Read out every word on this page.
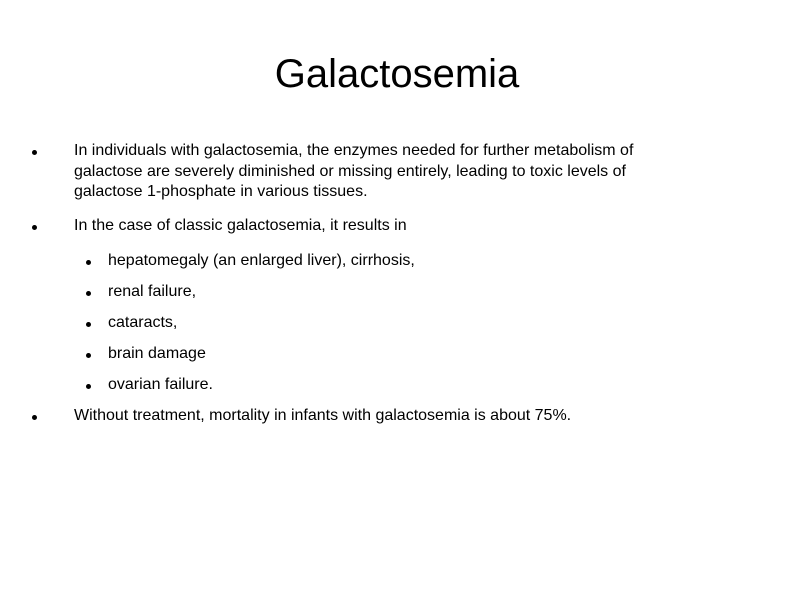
Galactosemia
In individuals with galactosemia, the enzymes needed for further metabolism of
galactose are severely diminished or missing entirely, leading to toxic levels of
galactose 1-phosphate in various tissues.
In the case of classic galactosemia, it results in
hepatomegaly (an enlarged liver), cirrhosis,
renal failure,
cataracts,
brain damage
ovarian failure.
Without treatment, mortality in infants with galactosemia is about 75%.
